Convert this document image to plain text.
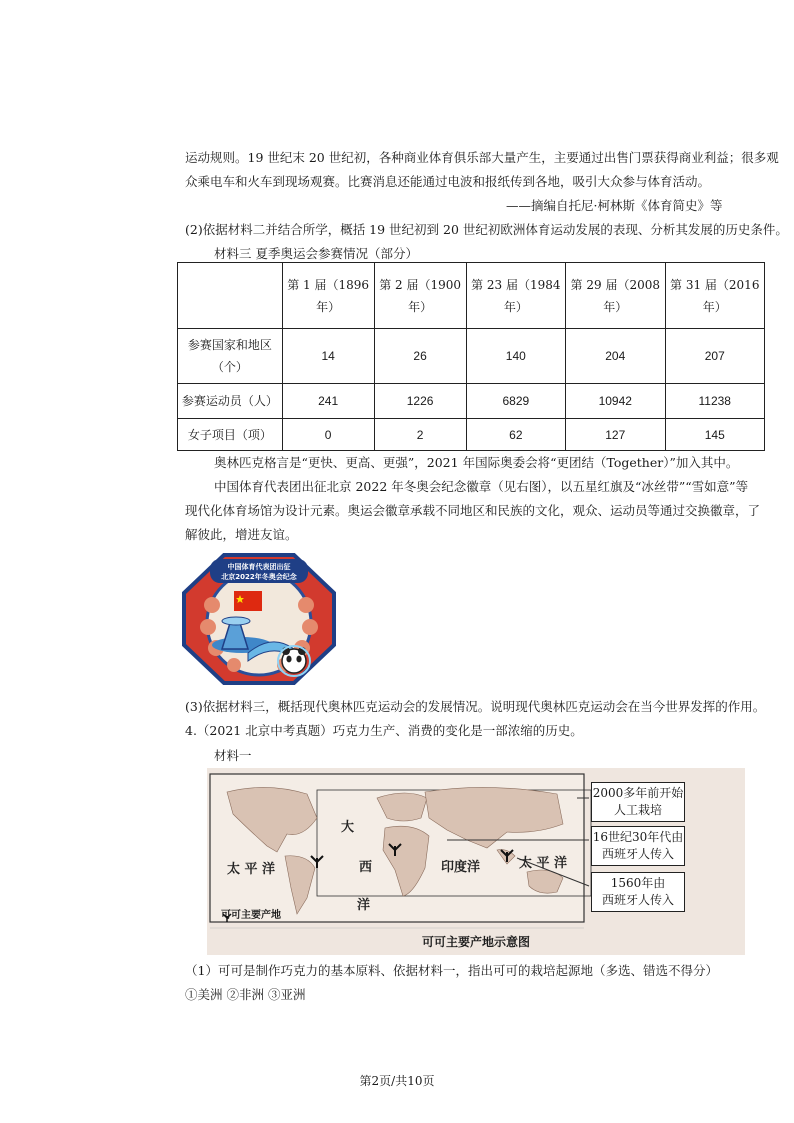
运动规则。19 世纪末 20 世纪初，各种商业体育俱乐部大量产生，主要通过出售门票获得商业利益；很多观
众乘电车和火车到现场观赛。比赛消息还能通过电波和报纸传到各地，吸引大众参与体育活动。
——摘编自托尼·柯林斯《体育简史》等
(2)依据材料二并结合所学，概括 19 世纪初到 20 世纪初欧洲体育运动发展的表现、分析其发展的历史条件。
材料三 夏季奥运会参赛情况（部分）
	第 1 届（1896
年）	第 2 届（1900
年）	第 23 届（1984
年）	第 29 届（2008
年）	第 31 届（2016
年）
参赛国家和地区
（个）	14	26	140	204	207
参赛运动员（人）	241	1226	6829	10942	11238
女子项目（项）	0	2	62	127	145
奥林匹克格言是“更快、更高、更强”，2021 年国际奥委会将“更团结（Together）”加入其中。
中国体育代表团出征北京 2022 年冬奥会纪念徽章（见右图），以五星红旗及“冰丝带”“雪如意”等
现代化体育场馆为设计元素。奥运会徽章承载不同地区和民族的文化，观众、运动员等通过交换徽章，了
解彼此，增进友谊。
中国体育代表团出征
北京2022年冬奥会纪念
(3)依据材料三，概括现代奥林匹克运动会的发展情况。说明现代奥林匹克运动会在当今世界发挥的作用。
4.（2021 北京中考真题）巧克力生产、消费的变化是一部浓缩的历史。
材料一
太 平 洋
大
西
洋
印度洋	太 平 洋
可可主要产地
2000多年前开始
人工栽培
16世纪30年代由
西班牙人传入
1560年由
西班牙人传入
可可主要产地示意图
（1）可可是制作巧克力的基本原料、依据材料一，指出可可的栽培起源地（多选、错选不得分）
①美洲 ②非洲 ③亚洲
第2页/共10页
